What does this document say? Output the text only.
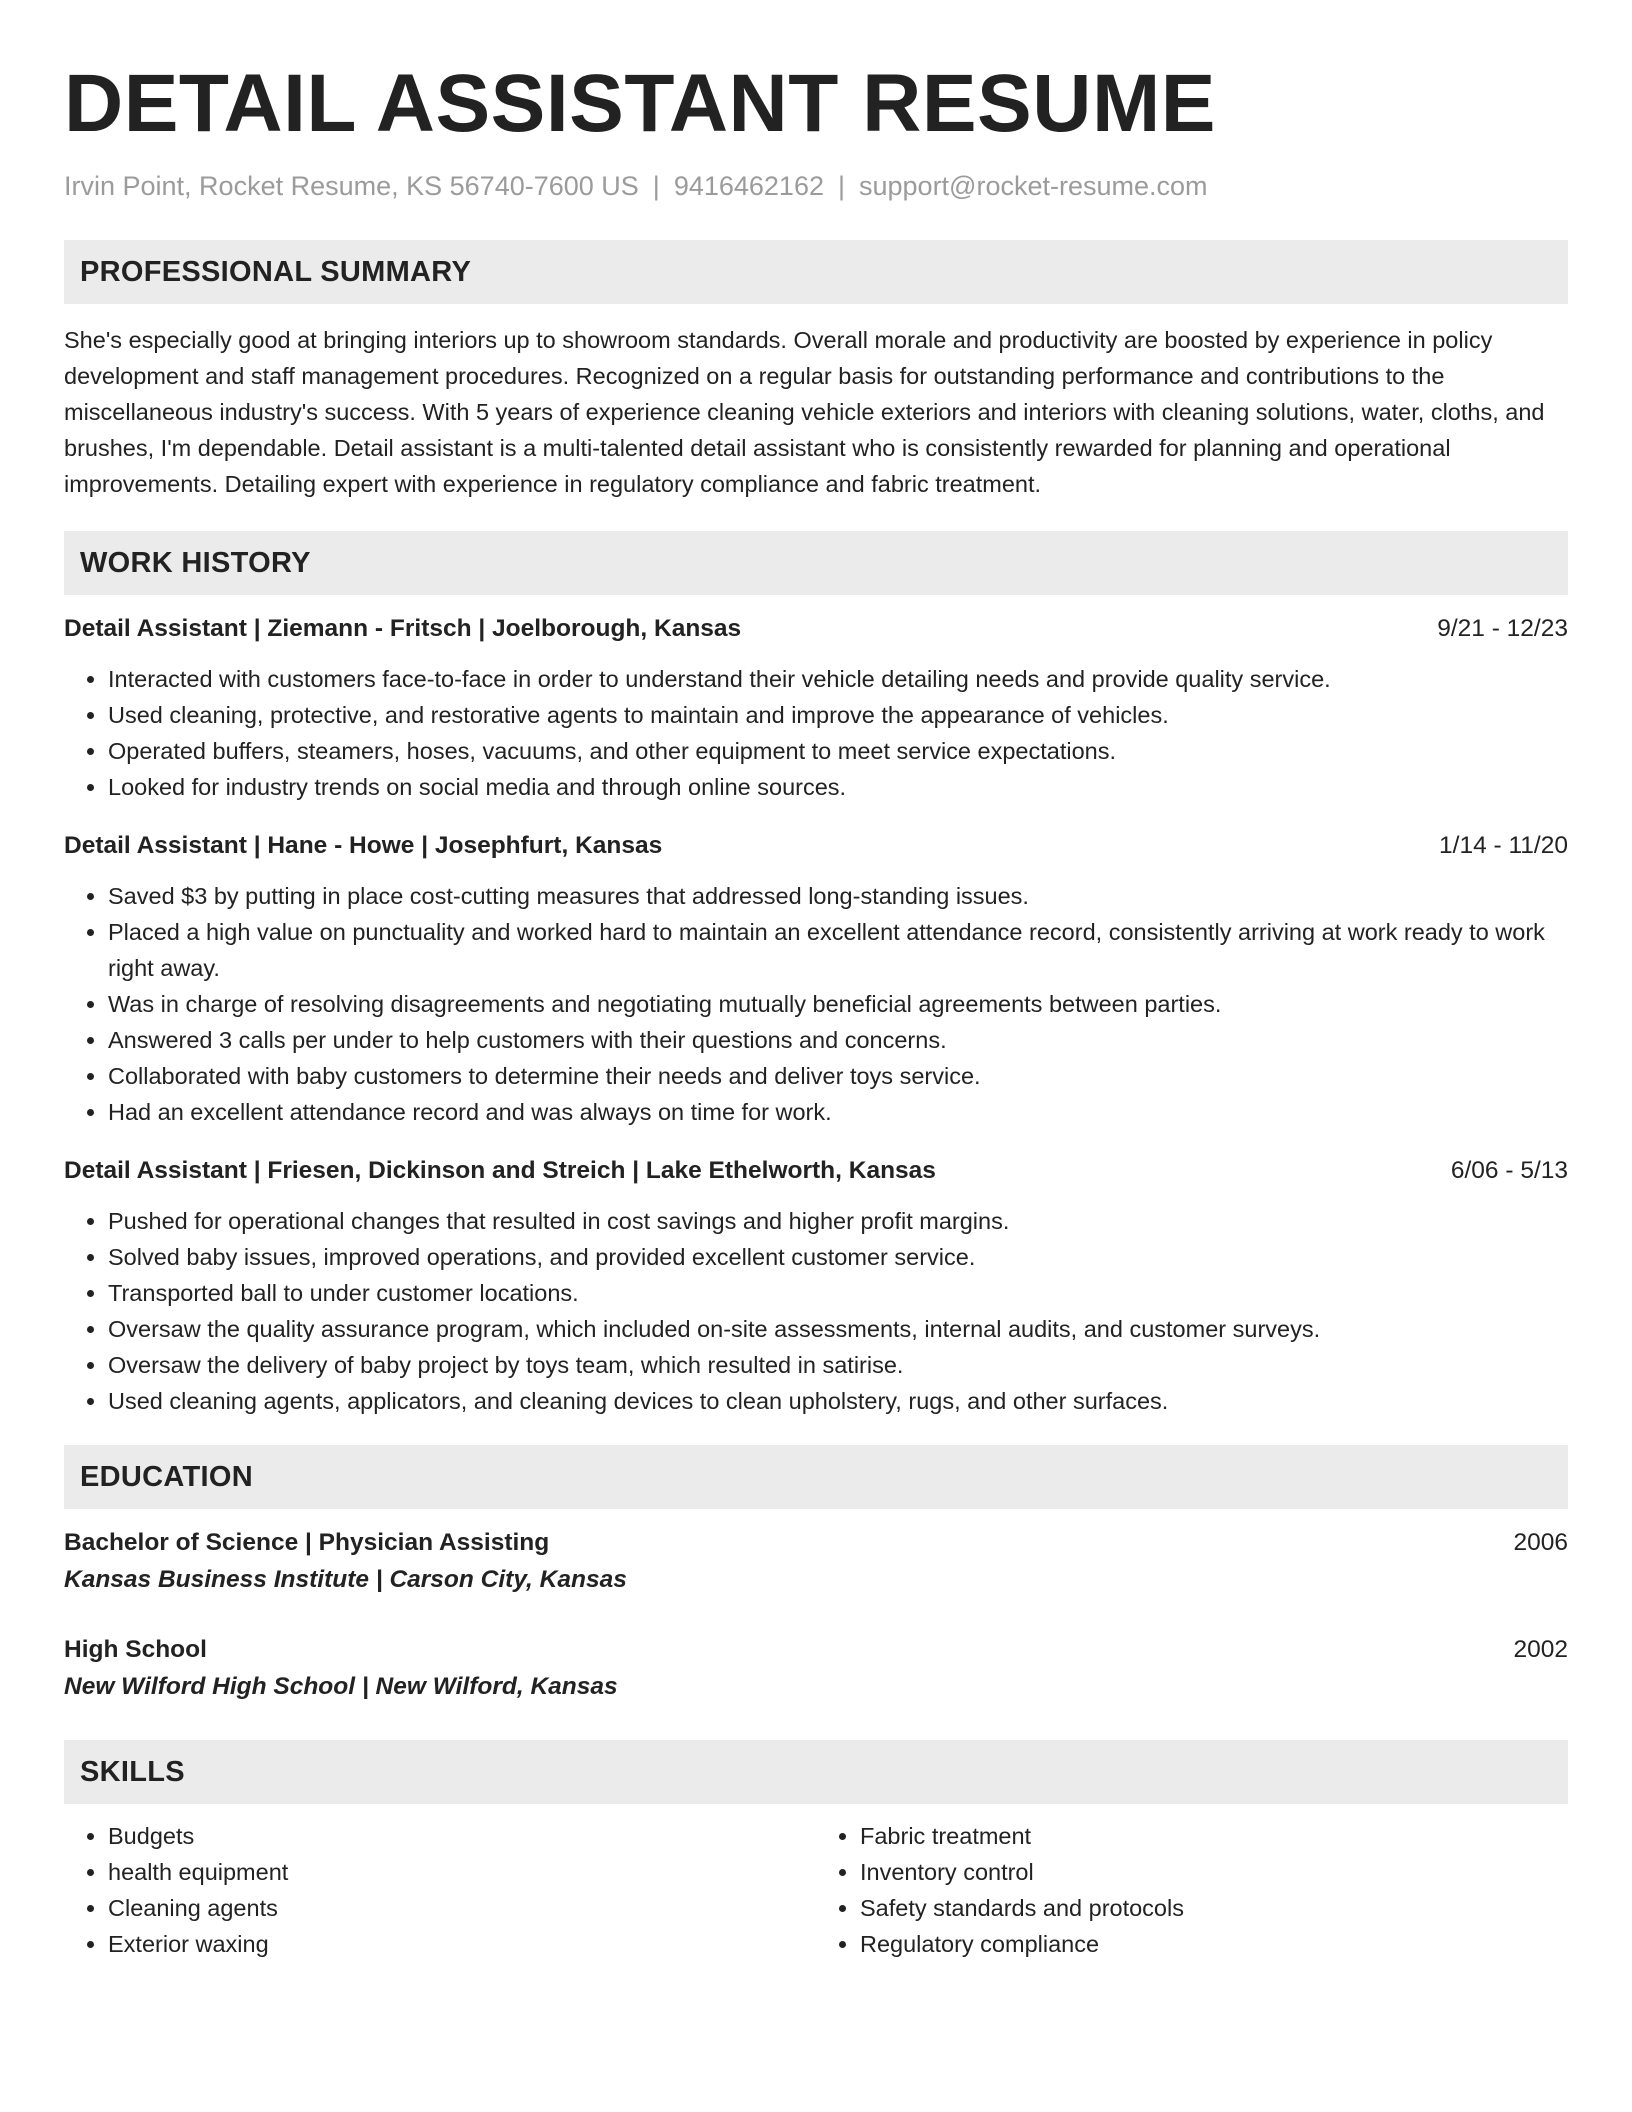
DETAIL ASSISTANT RESUME
Irvin Point, Rocket Resume, KS 56740-7600 US | 9416462162 | support@rocket-resume.com
PROFESSIONAL SUMMARY

She's especially good at bringing interiors up to showroom standards. Overall morale and productivity are boosted by experience in policy development and staff management procedures. Recognized on a regular basis for outstanding performance and contributions to the miscellaneous industry's success. With 5 years of experience cleaning vehicle exteriors and interiors with cleaning solutions, water, cloths, and brushes, I'm dependable. Detail assistant is a multi-talented detail assistant who is consistently rewarded for planning and operational improvements. Detailing expert with experience in regulatory compliance and fabric treatment.

WORK HISTORY
Detail Assistant | Ziemann - Fritsch | Joelborough, Kansas	9/21 - 12/23
• Interacted with customers face-to-face in order to understand their vehicle detailing needs and provide quality service.
• Used cleaning, protective, and restorative agents to maintain and improve the appearance of vehicles.
• Operated buffers, steamers, hoses, vacuums, and other equipment to meet service expectations.
• Looked for industry trends on social media and through online sources.
Detail Assistant | Hane - Howe | Josephfurt, Kansas	1/14 - 11/20
• Saved $3 by putting in place cost-cutting measures that addressed long-standing issues.
• Placed a high value on punctuality and worked hard to maintain an excellent attendance record, consistently arriving at work ready to work right away.
• Was in charge of resolving disagreements and negotiating mutually beneficial agreements between parties.
• Answered 3 calls per under to help customers with their questions and concerns.
• Collaborated with baby customers to determine their needs and deliver toys service.
• Had an excellent attendance record and was always on time for work.
Detail Assistant | Friesen, Dickinson and Streich | Lake Ethelworth, Kansas	6/06 - 5/13
• Pushed for operational changes that resulted in cost savings and higher profit margins.
• Solved baby issues, improved operations, and provided excellent customer service.
• Transported ball to under customer locations.
• Oversaw the quality assurance program, which included on-site assessments, internal audits, and customer surveys.
• Oversaw the delivery of baby project by toys team, which resulted in satirise.
• Used cleaning agents, applicators, and cleaning devices to clean upholstery, rugs, and other surfaces.
EDUCATION
Bachelor of Science | Physician Assisting	2006
Kansas Business Institute | Carson City, Kansas
High School	2002
New Wilford High School | New Wilford, Kansas
SKILLS
• Budgets
• health equipment
• Cleaning agents
• Exterior waxing
• Fabric treatment
• Inventory control
• Safety standards and protocols
• Regulatory compliance
